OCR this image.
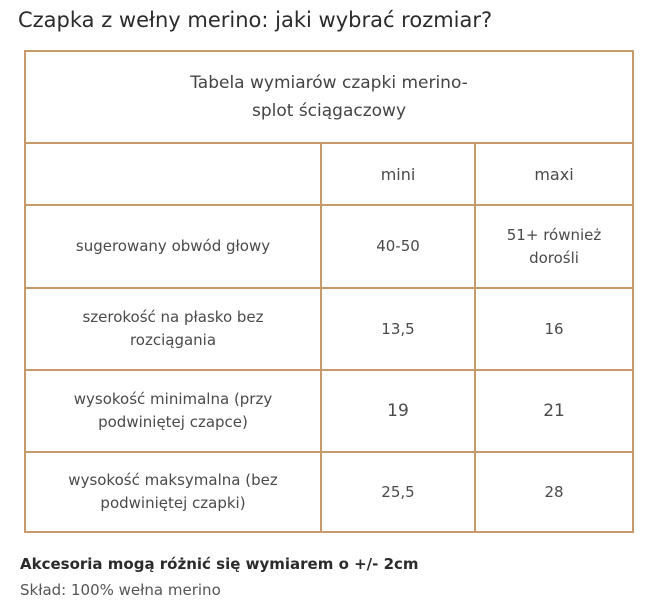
Czapka z wełny merino: jaki wybrać rozmiar?
Tabela wymiarów czapki merino-
splot ściągaczowy		

	mini	maxi

sugerowany obwód głowy	40-50	51+ również
dorośli

szerokość na płasko bez
rozciągania	13,5	16

wysokość minimalna (przy
podwiniętej czapce)	19	21

wysokość maksymalna (bez
podwiniętej czapki)	25,5	28
Akcesoria mogą różnić się wymiarem o +/- 2cm
Skład: 100% wełna merino
